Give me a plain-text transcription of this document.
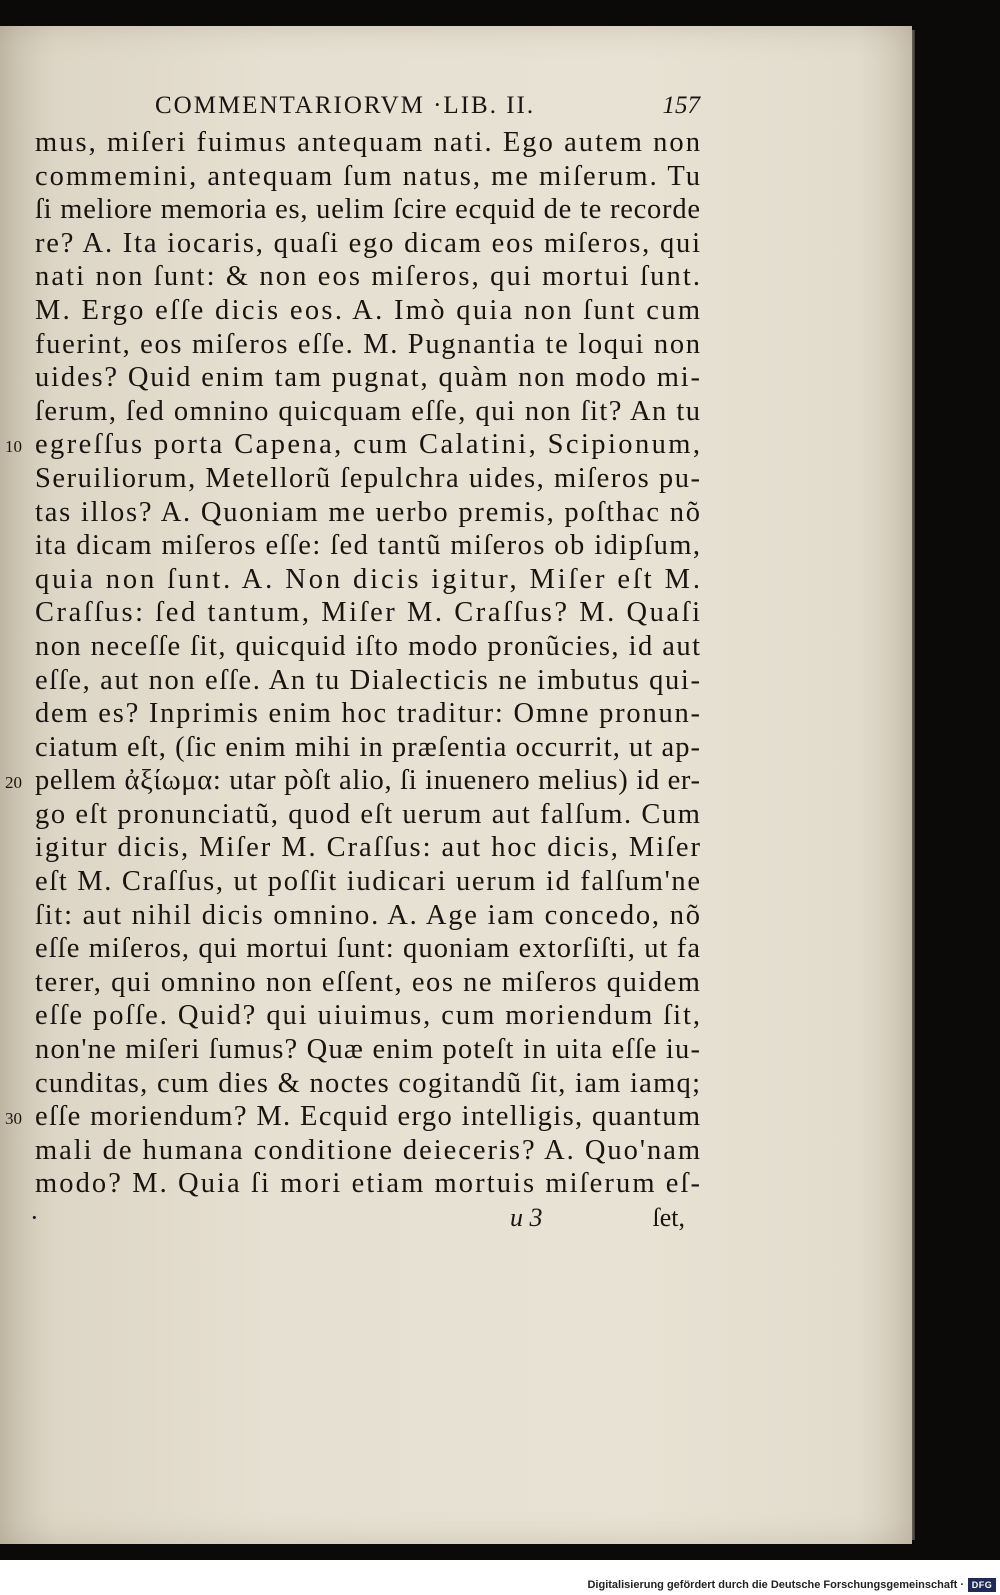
COMMENTARIORVM ·LIB. II.	157
mus, miſeri fuimus antequam nati. Ego autem non
commemini, antequam ſum natus, me miſerum. Tu
ſi meliore memoria es, uelim ſcire ecquid de te recorde
re? A. Ita iocaris, quaſi ego dicam eos miſeros, qui
nati non ſunt: & non eos miſeros, qui mortui ſunt.
M. Ergo eſſe dicis eos. A. Imò quia non ſunt cum
fuerint, eos miſeros eſſe. M. Pugnantia te loqui non
uides? Quid enim tam pugnat, quàm non modo mi-
ſerum, ſed omnino quicquam eſſe, qui non ſit? An tu
egreſſus porta Capena, cum Calatini, Scipionum,
10
Seruiliorum, Metellorũ ſepulchra uides, miſeros pu-
tas illos? A. Quoniam me uerbo premis, poſthac nõ
ita dicam miſeros eſſe: ſed tantũ miſeros ob idipſum,
quia non ſunt. A. Non dicis igitur, Miſer eſt M.
Craſſus: ſed tantum, Miſer M. Craſſus? M. Quaſi
non neceſſe ſit, quicquid iſto modo pronũcies, id aut
eſſe, aut non eſſe. An tu Dialecticis ne imbutus qui-
dem es? Inprimis enim hoc traditur: Omne pronun-
ciatum eſt, (ſic enim mihi in præſentia occurrit, ut ap-
pellem ἀξίωμα: utar pòſt alio, ſi inuenero melius) id er-
20
go eſt pronunciatũ, quod eſt uerum aut falſum. Cum
igitur dicis, Miſer M. Craſſus: aut hoc dicis, Miſer
eſt M. Craſſus, ut poſſit iudicari uerum id falſum'ne
ſit: aut nihil dicis omnino. A. Age iam concedo, nõ
eſſe miſeros, qui mortui ſunt: quoniam extorſiſti, ut fa
terer, qui omnino non eſſent, eos ne miſeros quidem
eſſe poſſe. Quid? qui uiuimus, cum moriendum ſit,
non'ne miſeri ſumus? Quæ enim poteſt in uita eſſe iu-
cunditas, cum dies & noctes cogitandũ ſit, iam iamq;
eſſe moriendum? M. Ecquid ergo intelligis, quantum
30
mali de humana conditione deieceris? A. Quo'nam
modo? M. Quia ſi mori etiam mortuis miſerum eſ-
·	u 3	ſet,
Digitalisierung gefördert durch die Deutsche Forschungsgemeinschaft · DFG
